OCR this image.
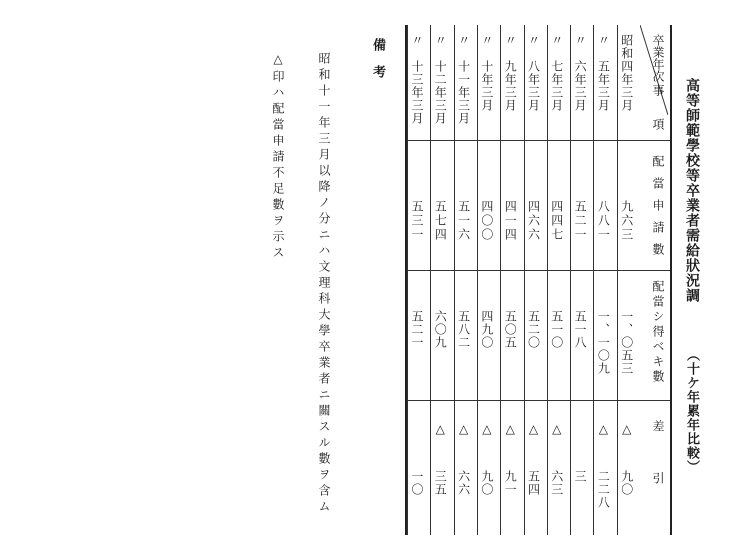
高等師範學校等卒業者需給狀況調
（十ケ年累年比較）
卒業年次
事
項
配當申請數
配當シ得ベキ數
差引
昭和四年三月
九六三
一、〇五三
△
九〇
〃　五年三月
八八一
一、一〇九
△
二二八
〃　六年三月
五二一
五一八
三
〃　七年三月
四四七
五一〇
△
六三
〃　八年三月
四六六
五二〇
△
五四
〃　九年三月
四一四
五〇五
△
九一
〃　十年三月
四〇〇
四九〇
△
九〇
〃　十一年三月
五一六
五八二
△
六六
〃　十二年三月
五七四
六〇九
△
三五
〃　十三年三月
五三一
五二一
一〇
備考
昭和十一年三月以降ノ分ニハ文理科大學卒業者ニ關スル數ヲ含ム
△印ハ配當申請不足數ヲ示ス
